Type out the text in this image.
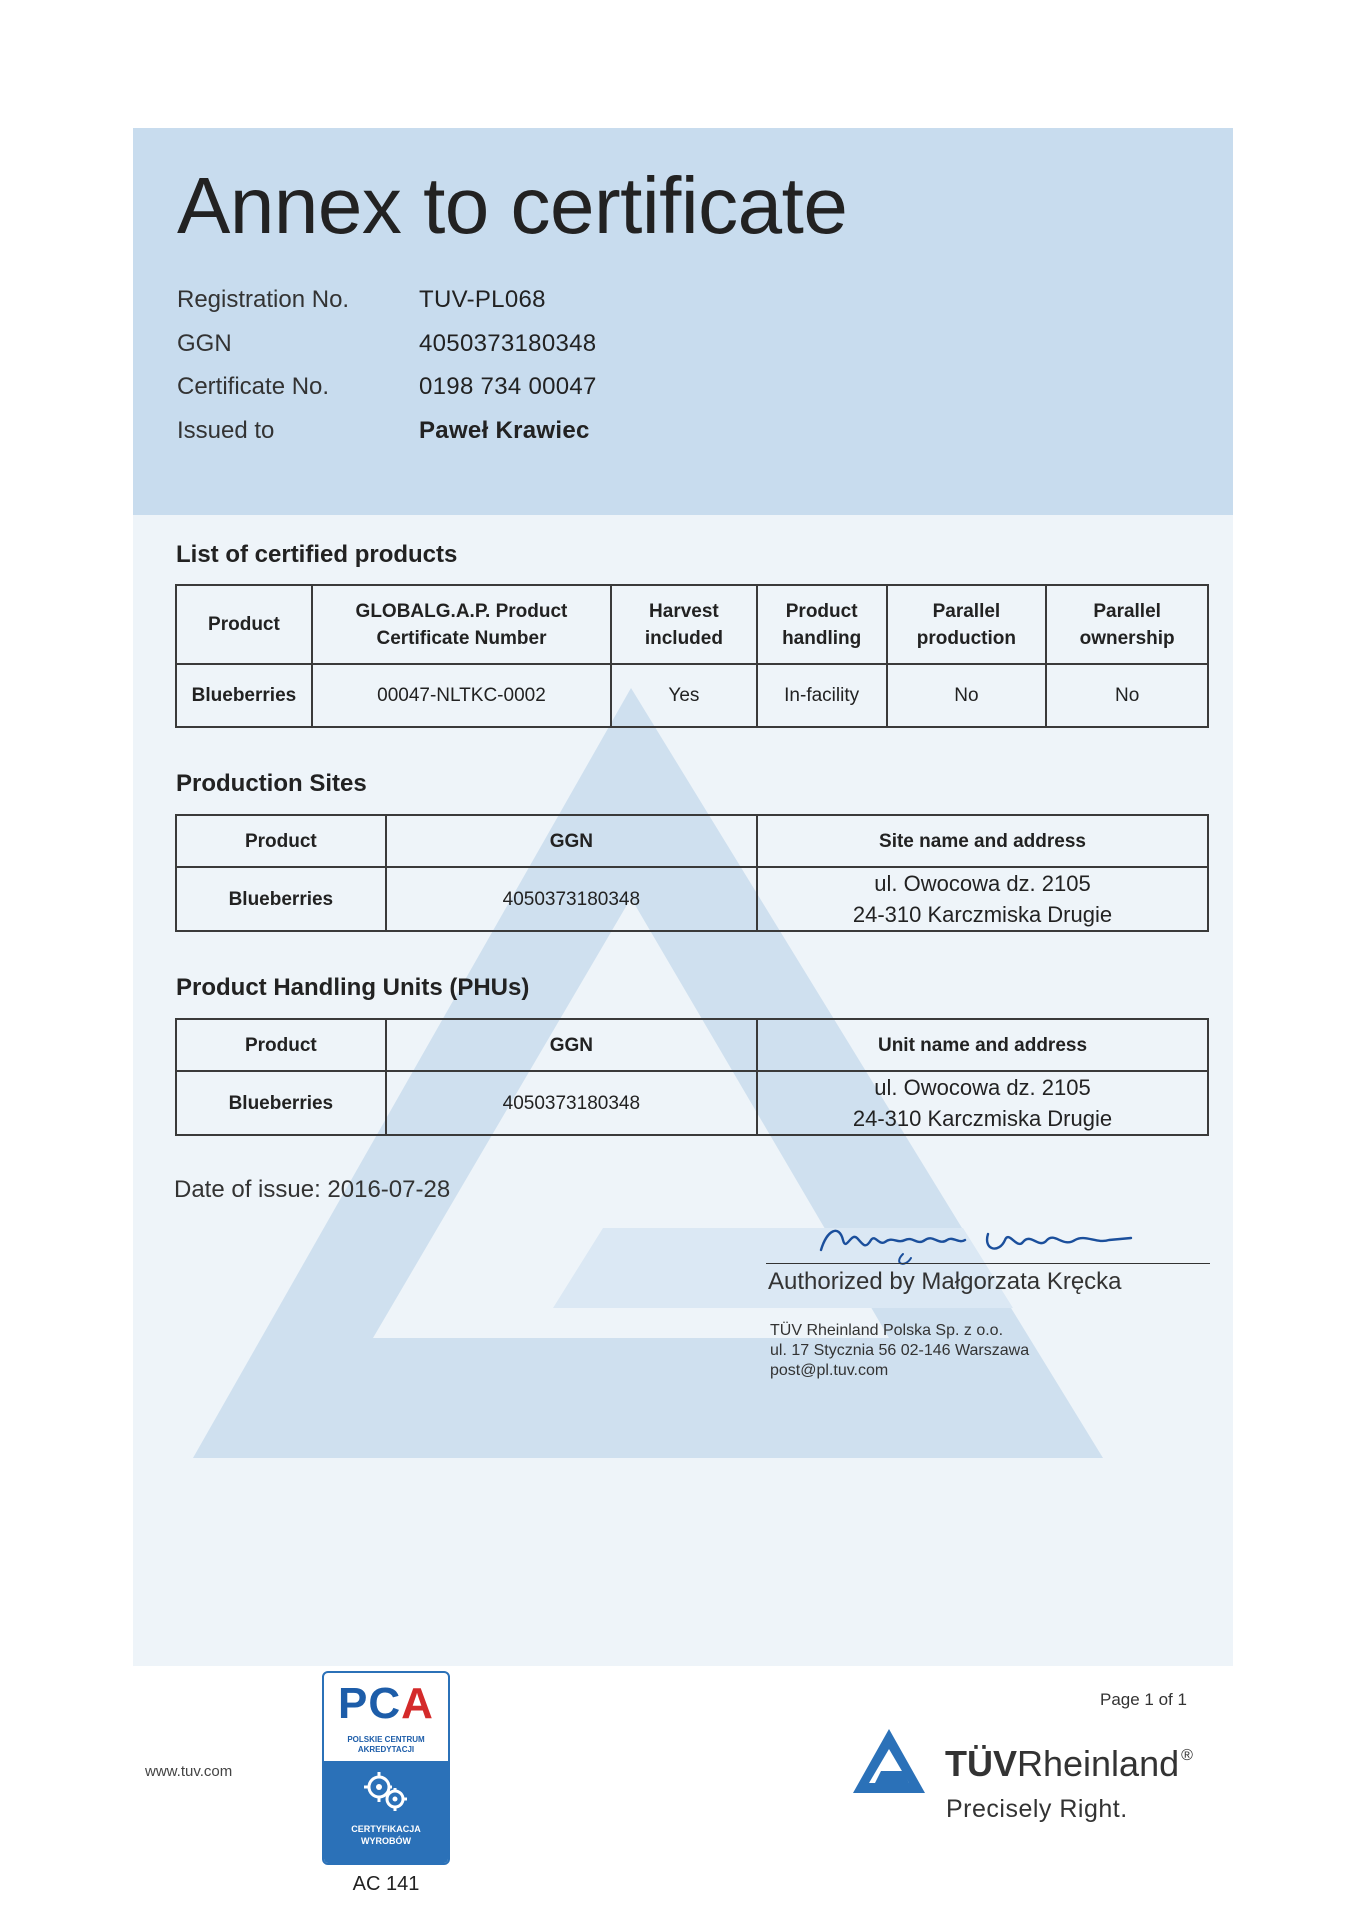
Annex to certificate
Registration No.	TUV-PL068
GGN	4050373180348
Certificate No.	0198 734 00047
Issued to	Paweł Krawiec
List of certified products
Product	GLOBALG.A.P. Product Certificate Number	Harvest included	Product handling	Parallel production	Parallel ownership
Blueberries	00047-NLTKC-0002	Yes	In-facility	No	No
Production Sites
Product	GGN	Site name and address
Blueberries	4050373180348	ul. Owocowa dz. 2105
24-310 Karczmiska Drugie
Product Handling Units (PHUs)
Product	GGN	Unit name and address
Blueberries	4050373180348	ul. Owocowa dz. 2105
24-310 Karczmiska Drugie
Date of issue: 2016-07-28
Authorized by Małgorzata Kręcka
TÜV Rheinland Polska Sp. z o.o.
ul. 17 Stycznia 56 02-146 Warszawa
post@pl.tuv.com
www.tuv.com
PCA
POLSKIE CENTRUM
AKREDYTACJI
CERTYFIKACJA
WYROBÓW
AC 141
Page 1 of 1
TÜVRheinland ®
Precisely Right.
